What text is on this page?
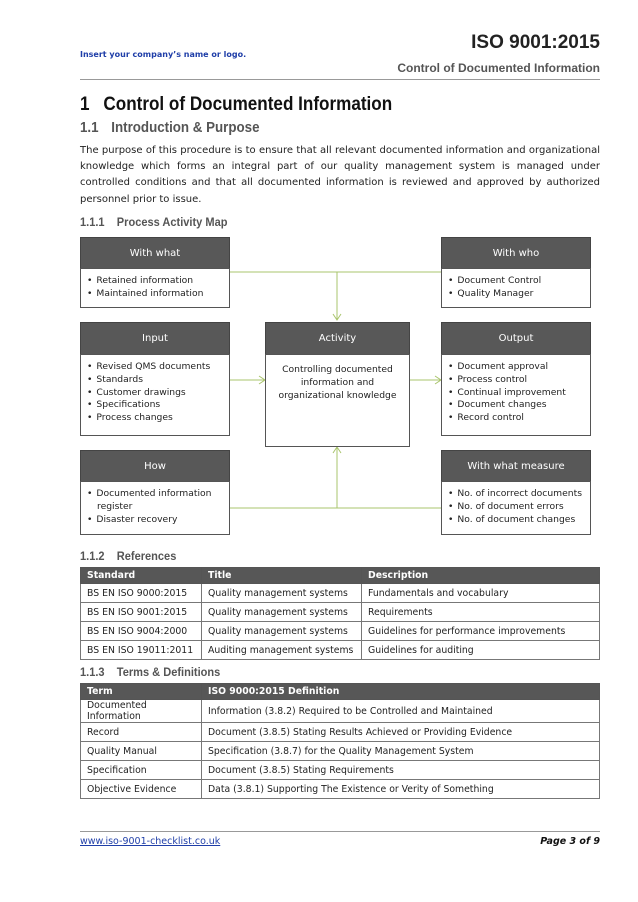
Insert your company’s name or logo.
ISO 9001:2015
Control of Documented Information
1 Control of Documented Information
1.1 Introduction & Purpose

The purpose of this procedure is to ensure that all relevant documented information and organizational knowledge which forms an integral part of our quality management system is managed under controlled conditions and that all documented information is reviewed and approved by authorized personnel prior to issue.

1.1.1 Process Activity Map
With what
• Retained information
• Maintained information
With who
• Document Control
• Quality Manager
Input
• Revised QMS documents
• Standards
• Customer drawings
• Specifications
• Process changes
Activity
Controlling documented
information and
organizational knowledge
Output
• Document approval
• Process control
• Continual improvement
• Document changes
• Record control
How
• Documented information
register
• Disaster recovery
With what measure
• No. of incorrect documents
• No. of document errors
• No. of document changes
1.1.2 References
Standard	Title	Description
BS EN ISO 9000:2015	Quality management systems	Fundamentals and vocabulary
BS EN ISO 9001:2015	Quality management systems	Requirements
BS EN ISO 9004:2000	Quality management systems	Guidelines for performance improvements
BS EN ISO 19011:2011	Auditing management systems	Guidelines for auditing
1.1.3 Terms & Definitions
Term	ISO 9000:2015 Definition
Documented Information	Information (3.8.2) Required to be Controlled and Maintained
Record	Document (3.8.5) Stating Results Achieved or Providing Evidence
Quality Manual	Specification (3.8.7) for the Quality Management System
Specification	Document (3.8.5) Stating Requirements
Objective Evidence	Data (3.8.1) Supporting The Existence or Verity of Something
www.iso-9001-checklist.co.uk	Page 3 of 9
